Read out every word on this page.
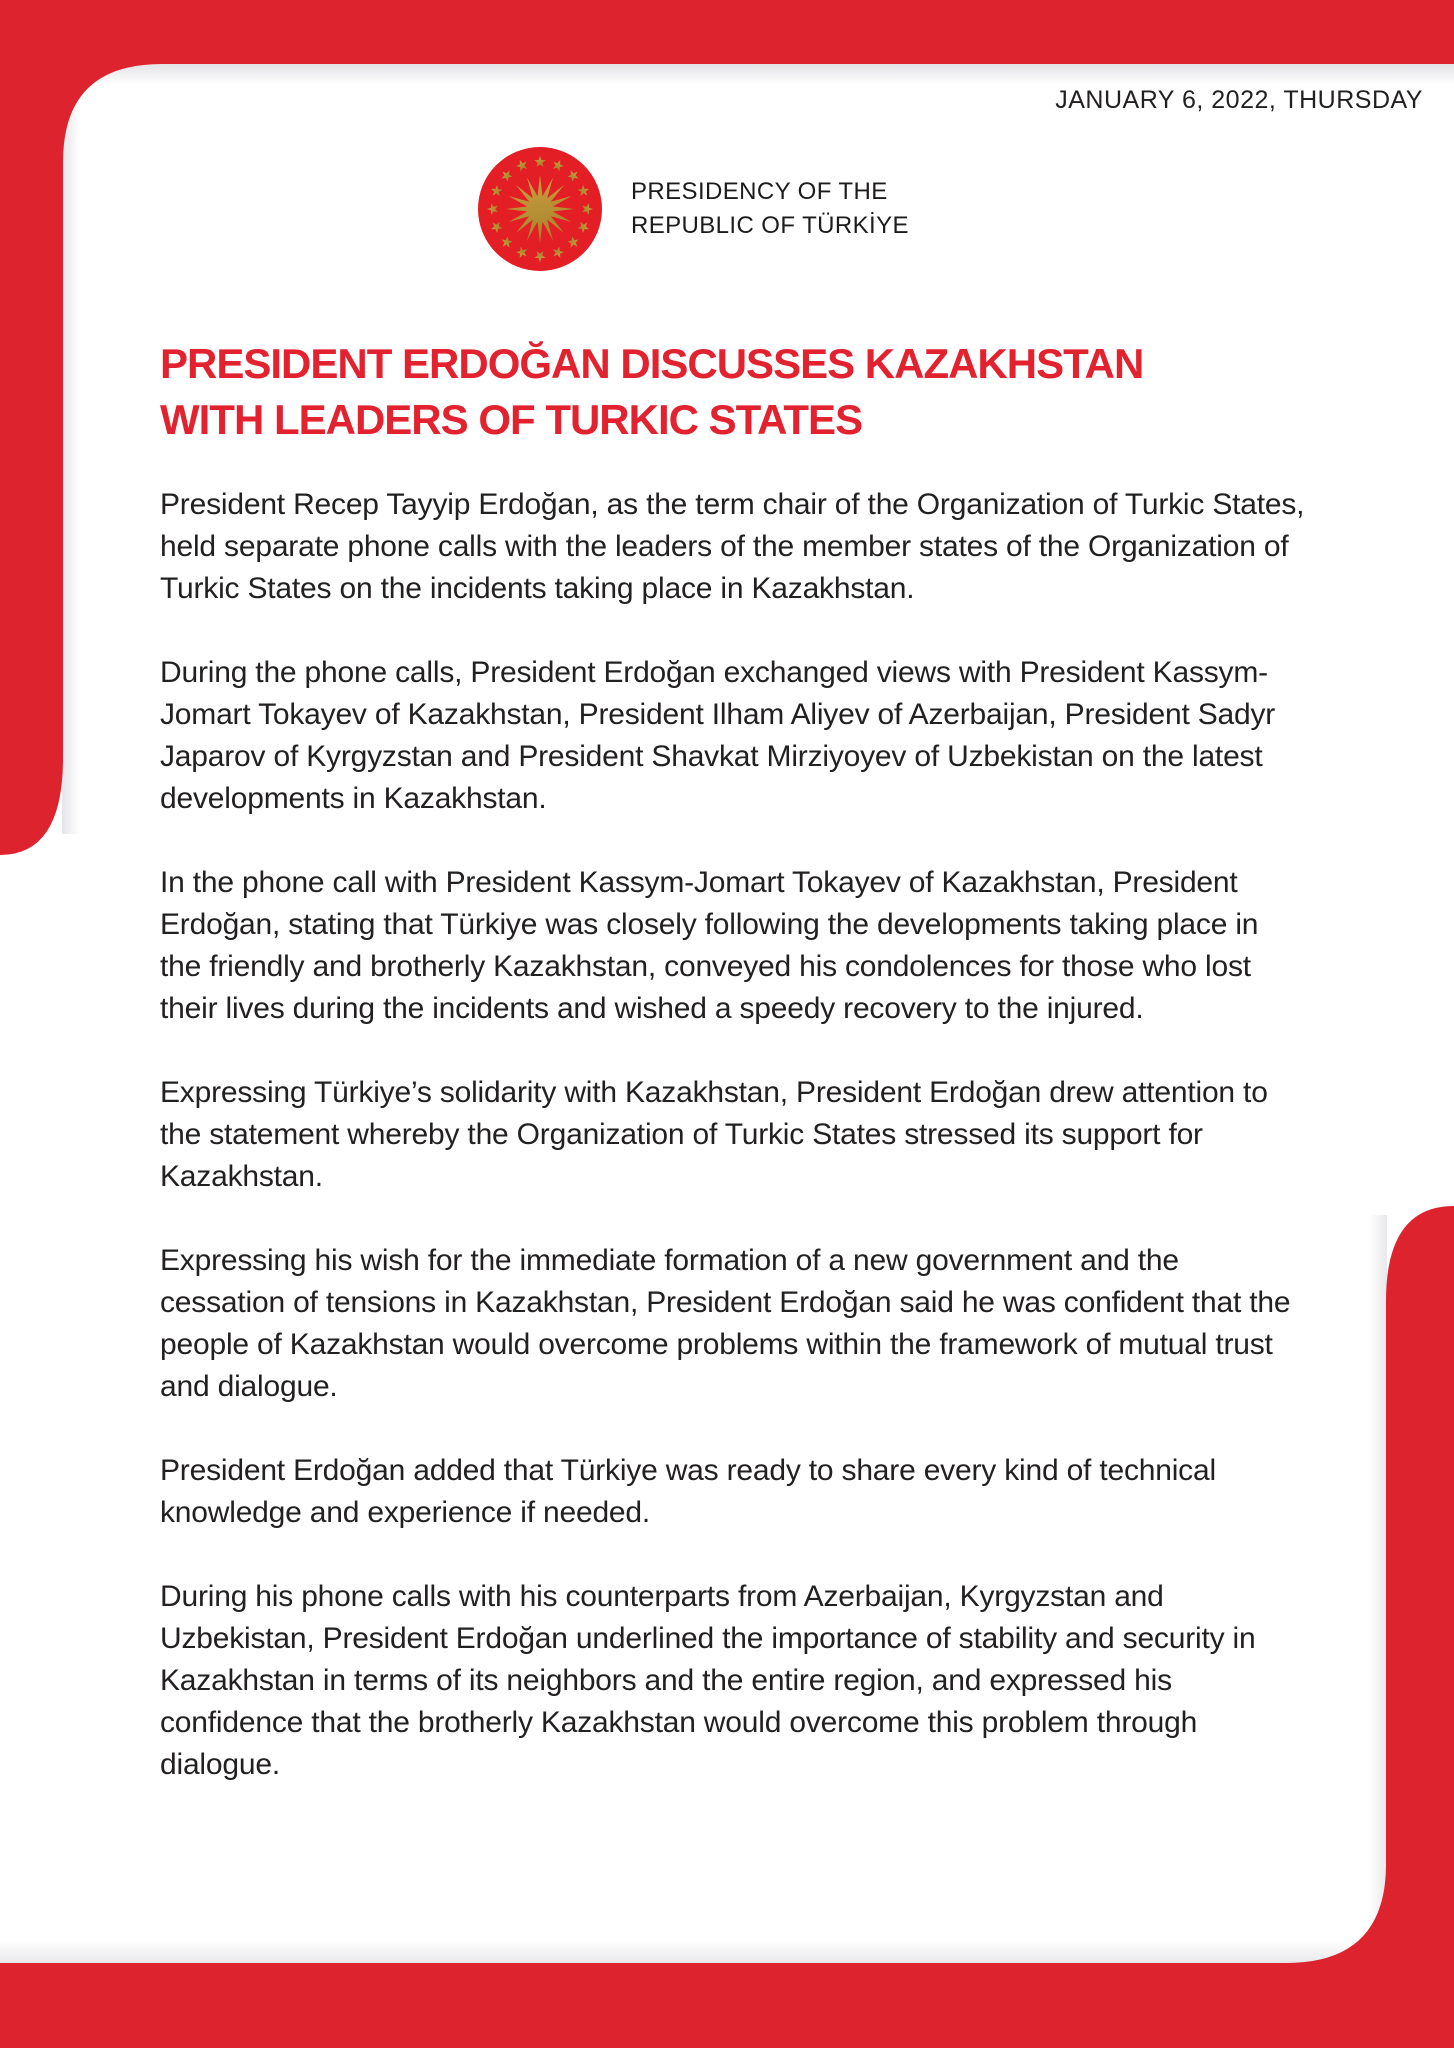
JANUARY 6, 2022, THURSDAY
PRESIDENCY OF THE
REPUBLIC OF TÜRKİYE
PRESIDENT ERDOĞAN DISCUSSES KAZAKHSTAN WITH LEADERS OF TURKIC STATES

President Recep Tayyip Erdoğan, as the term chair of the Organization of Turkic States, held separate phone calls with the leaders of the member states of the Organization of Turkic States on the incidents taking place in Kazakhstan.

During the phone calls, President Erdoğan exchanged views with President Kassym-Jomart Tokayev of Kazakhstan, President Ilham Aliyev of Azerbaijan, President Sadyr Japarov of Kyrgyzstan and President Shavkat Mirziyoyev of Uzbekistan on the latest developments in Kazakhstan.

In the phone call with President Kassym-Jomart Tokayev of Kazakhstan, President Erdoğan, stating that Türkiye was closely following the developments taking place in the friendly and brotherly Kazakhstan, conveyed his condolences for those who lost their lives during the incidents and wished a speedy recovery to the injured.

Expressing Türkiye’s solidarity with Kazakhstan, President Erdoğan drew attention to the statement whereby the Organization of Turkic States stressed its support for Kazakhstan.

Expressing his wish for the immediate formation of a new government and the cessation of tensions in Kazakhstan, President Erdoğan said he was confident that the people of Kazakhstan would overcome problems within the framework of mutual trust and dialogue.

President Erdoğan added that Türkiye was ready to share every kind of technical knowledge and experience if needed.

During his phone calls with his counterparts from Azerbaijan, Kyrgyzstan and Uzbekistan, President Erdoğan underlined the importance of stability and security in Kazakhstan in terms of its neighbors and the entire region, and expressed his confidence that the brotherly Kazakhstan would overcome this problem through dialogue.
